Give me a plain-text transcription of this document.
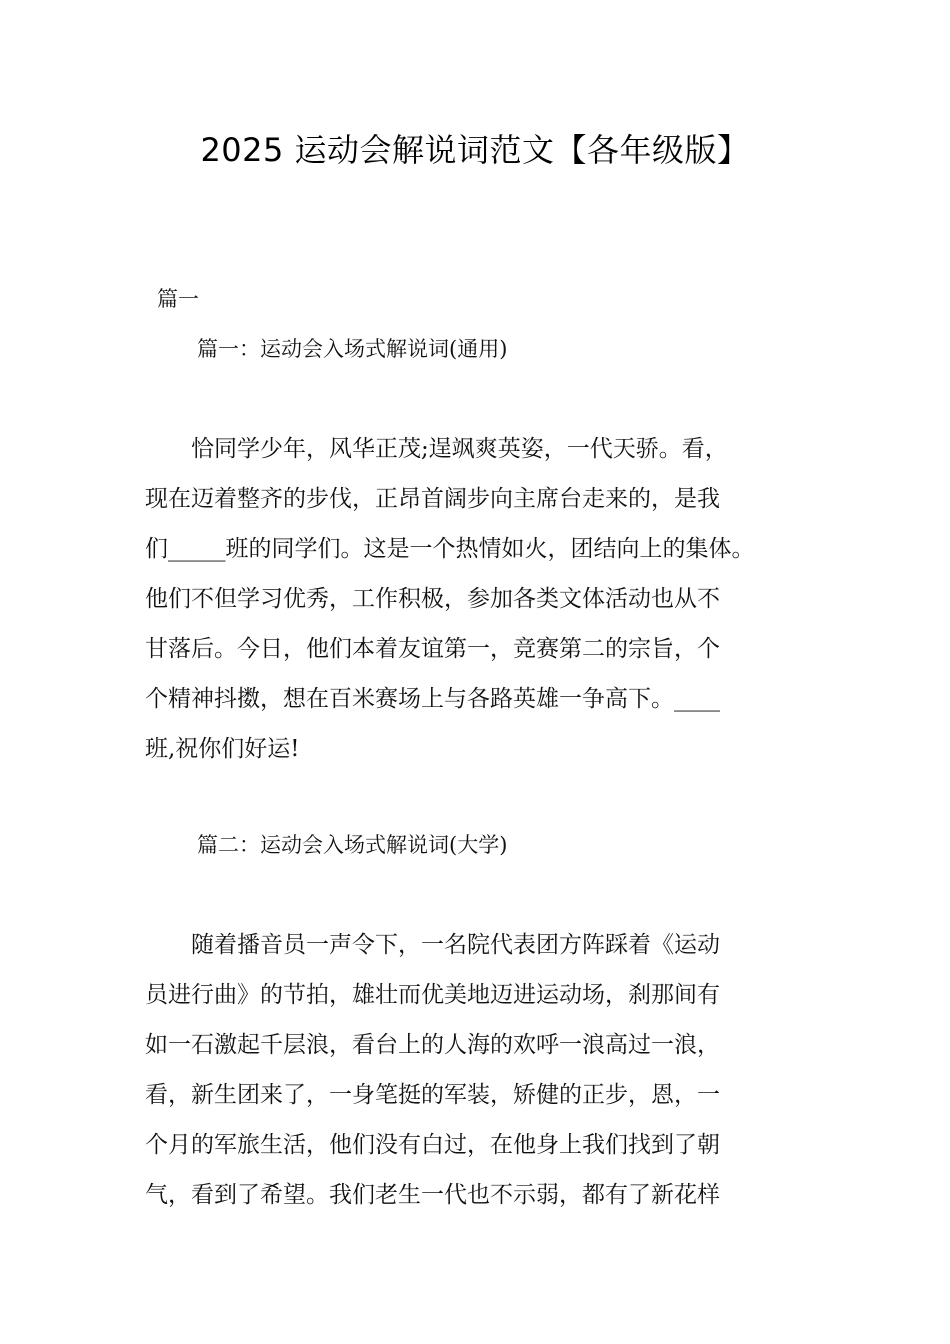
2025 运动会解说词范文【各年级版】
篇一
篇一：运动会入场式解说词(通用)
　　恰同学少年，风华正茂;逞飒爽英姿，一代天骄。看，
现在迈着整齐的步伐，正昂首阔步向主席台走来的，是我
们_____班的同学们。这是一个热情如火，团结向上的集体。
他们不但学习优秀，工作积极，参加各类文体活动也从不
甘落后。今日，他们本着友谊第一，竞赛第二的宗旨，个
个精神抖擞，想在百米赛场上与各路英雄一争高下。____
班,祝你们好运!
篇二：运动会入场式解说词(大学)
　　随着播音员一声令下，一名院代表团方阵踩着《运动
员进行曲》的节拍，雄壮而优美地迈进运动场，刹那间有
如一石激起千层浪，看台上的人海的欢呼一浪高过一浪，
看，新生团来了，一身笔挺的军装，矫健的正步，恩，一
个月的军旅生活，他们没有白过，在他身上我们找到了朝
气，看到了希望。我们老生一代也不示弱，都有了新花样
